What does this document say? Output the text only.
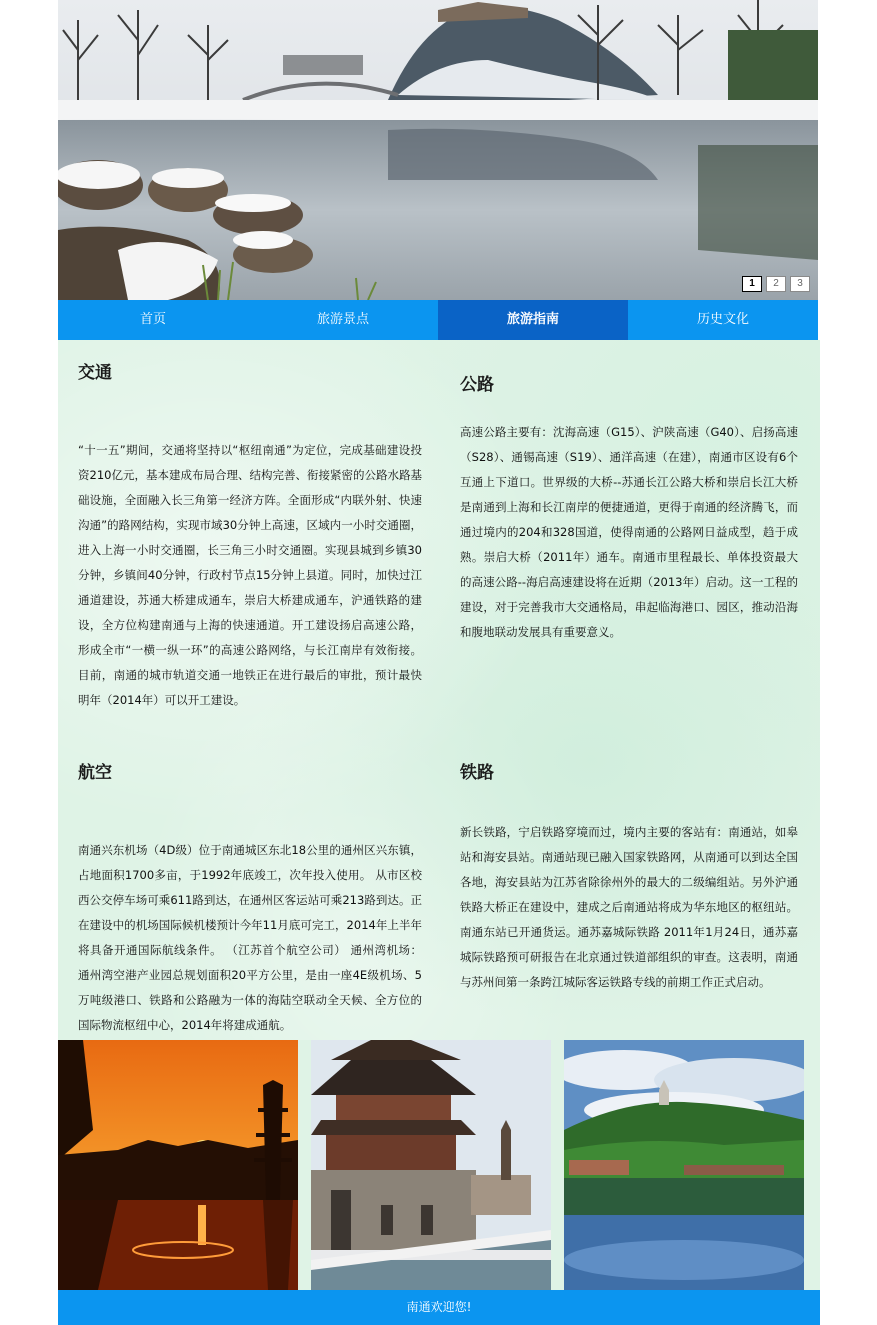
1	2	3
首页	旅游景点	旅游指南	历史文化
交通

“十一五”期间，交通将坚持以“枢纽南通”为定位，完成基础建设投资210亿元，基本建成布局合理、结构完善、衔接紧密的公路水路基础设施，全面融入长三角第一经济方阵。全面形成“内联外射、快速沟通”的路网结构，实现市域30分钟上高速，区域内一小时交通圈，进入上海一小时交通圈，长三角三小时交通圈。实现县城到乡镇30分钟，乡镇间40分钟，行政村节点15分钟上县道。同时，加快过江通道建设，苏通大桥建成通车，崇启大桥建成通车，沪通铁路的建设，全方位构建南通与上海的快速通道。开工建设扬启高速公路，形成全市“一横一纵一环”的高速公路网络，与长江南岸有效衔接。目前，南通的城市轨道交通一地铁正在进行最后的审批，预计最快明年（2014年）可以开工建设。

公路

高速公路主要有：沈海高速（G15）、沪陕高速（G40）、启扬高速（S28）、通锡高速（S19）、通洋高速（在建），南通市区设有6个互通上下道口。世界级的大桥--苏通长江公路大桥和崇启长江大桥是南通到上海和长江南岸的便捷通道，更得于南通的经济腾飞，而通过境内的204和328国道，使得南通的公路网日益成型，趋于成熟。崇启大桥（2011年）通车。南通市里程最长、单体投资最大的高速公路--海启高速建设将在近期（2013年）启动。这一工程的建设，对于完善我市大交通格局，串起临海港口、园区，推动沿海和腹地联动发展具有重要意义。

航空

南通兴东机场（4D级）位于南通城区东北18公里的通州区兴东镇，占地面积1700多亩，于1992年底竣工，次年投入使用。 从市区校西公交停车场可乘611路到达，在通州区客运站可乘213路到达。正在建设中的机场国际候机楼预计今年11月底可完工，2014年上半年将具备开通国际航线条件。 （江苏首个航空公司） 通州湾机场： 通州湾空港产业园总规划面积20平方公里，是由一座4E级机场、5万吨级港口、铁路和公路融为一体的海陆空联动全天候、全方位的国际物流枢纽中心，2014年将建成通航。

铁路

新长铁路，宁启铁路穿境而过，境内主要的客站有：南通站，如皋站和海安县站。南通站现已融入国家铁路网，从南通可以到达全国各地，海安县站为江苏省除徐州外的最大的二级编组站。另外沪通铁路大桥正在建设中，建成之后南通站将成为华东地区的枢纽站。南通东站已开通货运。通苏嘉城际铁路 2011年1月24日，通苏嘉城际铁路预可研报告在北京通过铁道部组织的审查。这表明，南通与苏州间第一条跨江城际客运铁路专线的前期工作正式启动。

南通欢迎您!
